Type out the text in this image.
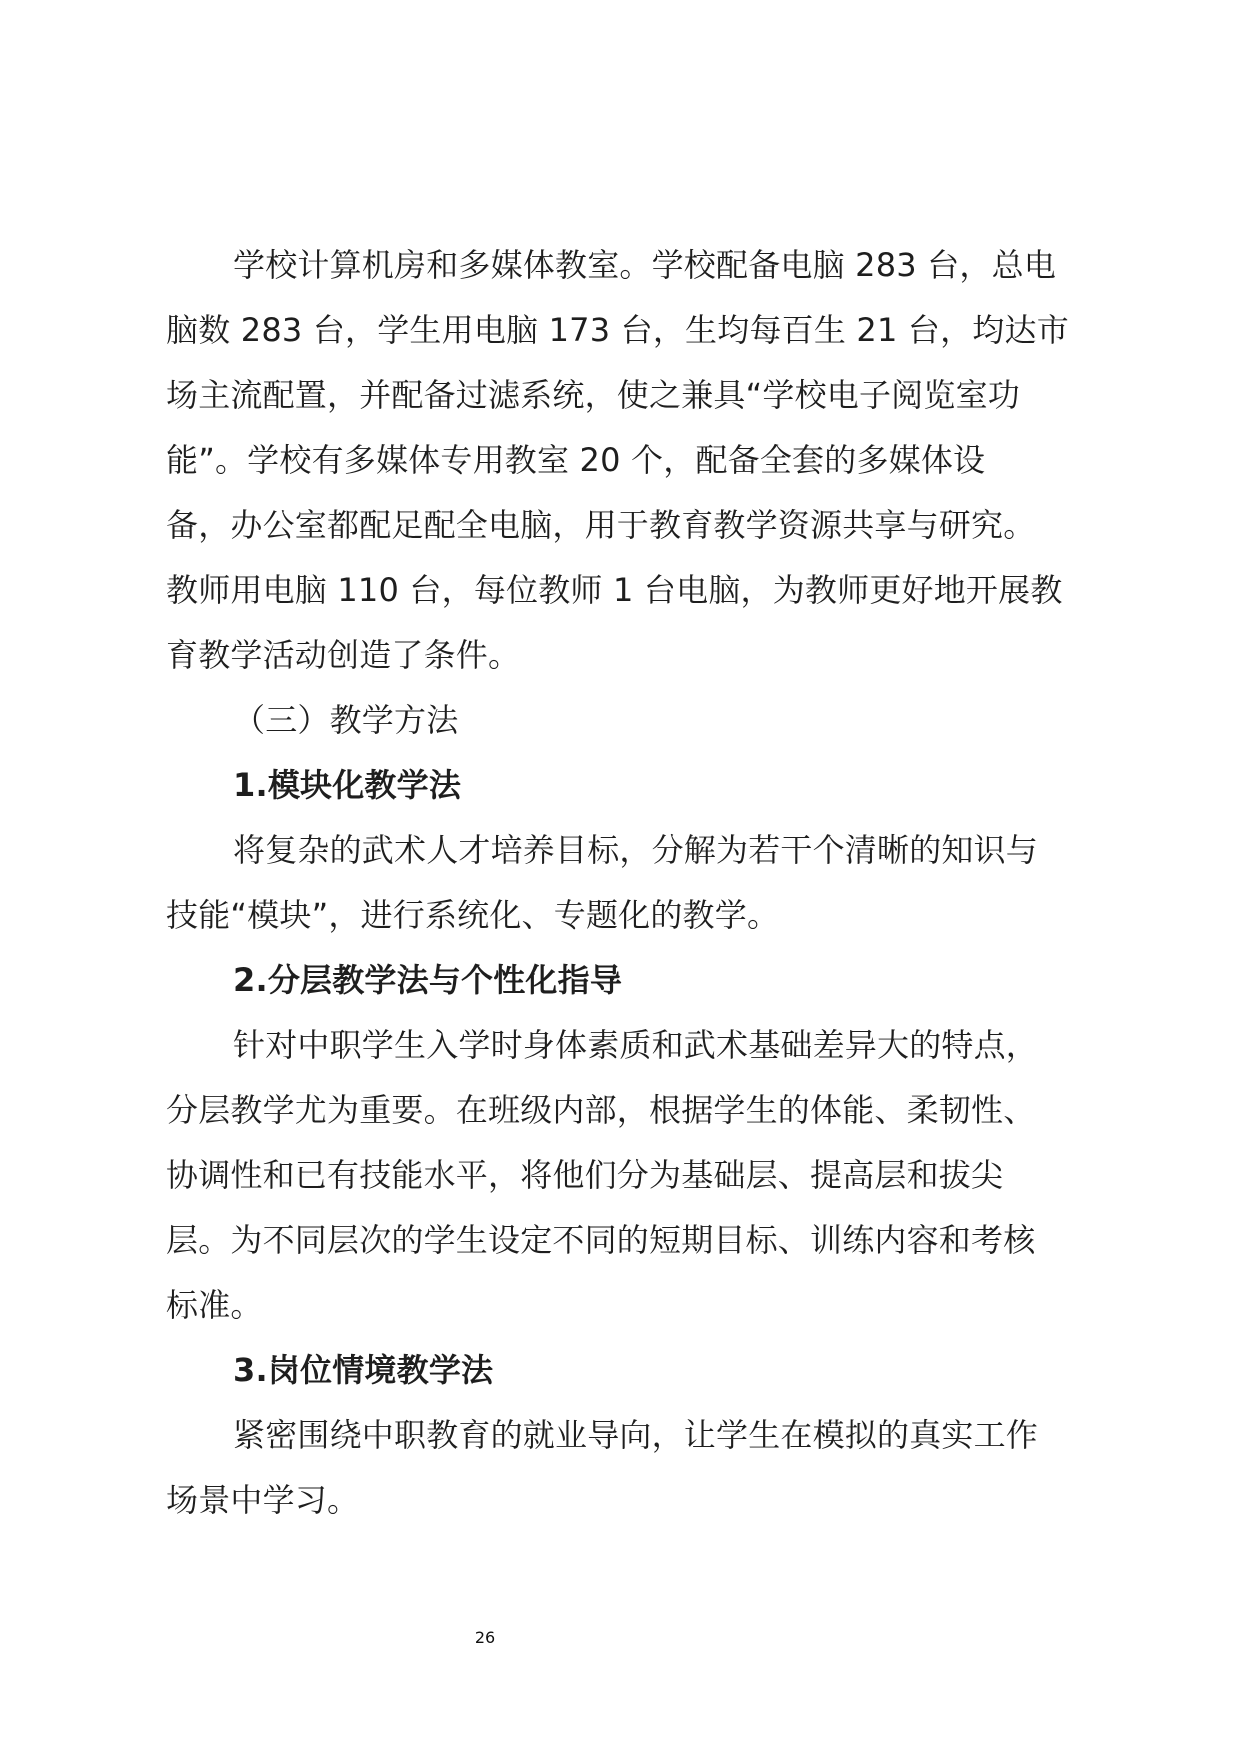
学校计算机房和多媒体教室。学校配备电脑 283 台，总电
脑数 283 台，学生用电脑 173 台，生均每百生 21 台，均达市
场主流配置，并配备过滤系统，使之兼具“学校电子阅览室功
能”。学校有多媒体专用教室 20 个，配备全套的多媒体设
备，办公室都配足配全电脑，用于教育教学资源共享与研究。
教师用电脑 110 台，每位教师 1 台电脑，为教师更好地开展教
育教学活动创造了条件。
（三）教学方法
1.模块化教学法
将复杂的武术人才培养目标，分解为若干个清晰的知识与
技能“模块”，进行系统化、专题化的教学。
2.分层教学法与个性化指导
针对中职学生入学时身体素质和武术基础差异大的特点，
分层教学尤为重要。在班级内部，根据学生的体能、柔韧性、
协调性和已有技能水平，将他们分为基础层、提高层和拔尖
层。为不同层次的学生设定不同的短期目标、训练内容和考核
标准。
3.岗位情境教学法
紧密围绕中职教育的就业导向，让学生在模拟的真实工作
场景中学习。
26
